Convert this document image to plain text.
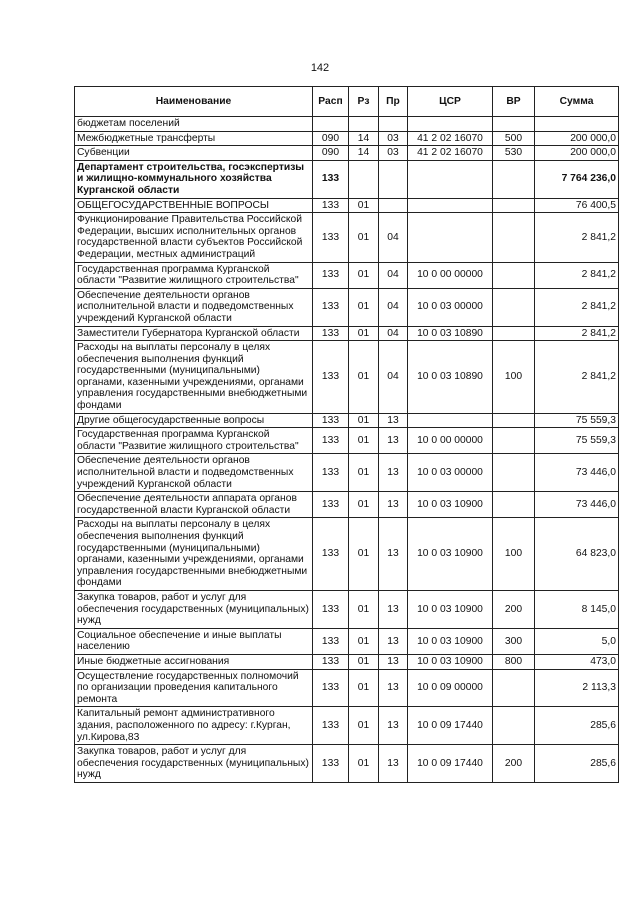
142
Наименование	Расп	Рз	Пр	ЦСР	ВР	Сумма
бюджетам поселений						
Межбюджетные трансферты	090	14	03	41 2 02 16070	500	200 000,0
Субвенции	090	14	03	41 2 02 16070	530	200 000,0
Департамент строительства, госэкспертизы и жилищно-коммунального хозяйства Курганской области	133					7 764 236,0
ОБЩЕГОСУДАРСТВЕННЫЕ ВОПРОСЫ	133	01				76 400,5
Функционирование Правительства Российской Федерации, высших исполнительных органов государственной власти субъектов Российской Федерации, местных администраций	133	01	04			2 841,2
Государственная программа Курганской области "Развитие жилищного строительства"	133	01	04	10 0 00 00000		2 841,2
Обеспечение деятельности органов исполнительной власти и подведомственных учреждений Курганской области	133	01	04	10 0 03 00000		2 841,2
Заместители Губернатора Курганской области	133	01	04	10 0 03 10890		2 841,2
Расходы на выплаты персоналу в целях обеспечения выполнения функций государственными (муниципальными) органами, казенными учреждениями, органами управления государственными внебюджетными фондами	133	01	04	10 0 03 10890	100	2 841,2
Другие общегосударственные вопросы	133	01	13			75 559,3
Государственная программа Курганской области "Развитие жилищного строительства"	133	01	13	10 0 00 00000		75 559,3
Обеспечение деятельности органов исполнительной власти и подведомственных учреждений Курганской области	133	01	13	10 0 03 00000		73 446,0
Обеспечение деятельности аппарата органов государственной власти Курганской области	133	01	13	10 0 03 10900		73 446,0
Расходы на выплаты персоналу в целях обеспечения выполнения функций государственными (муниципальными) органами, казенными учреждениями, органами управления государственными внебюджетными фондами	133	01	13	10 0 03 10900	100	64 823,0
Закупка товаров, работ и услуг для обеспечения государственных (муниципальных) нужд	133	01	13	10 0 03 10900	200	8 145,0
Социальное обеспечение и иные выплаты населению	133	01	13	10 0 03 10900	300	5,0
Иные бюджетные ассигнования	133	01	13	10 0 03 10900	800	473,0
Осуществление государственных полномочий по организации проведения капитального ремонта	133	01	13	10 0 09 00000		2 113,3
Капитальный ремонт административного здания, расположенного по адресу: г.Курган, ул.Кирова,83	133	01	13	10 0 09 17440		285,6
Закупка товаров, работ и услуг для обеспечения государственных (муниципальных) нужд	133	01	13	10 0 09 17440	200	285,6
